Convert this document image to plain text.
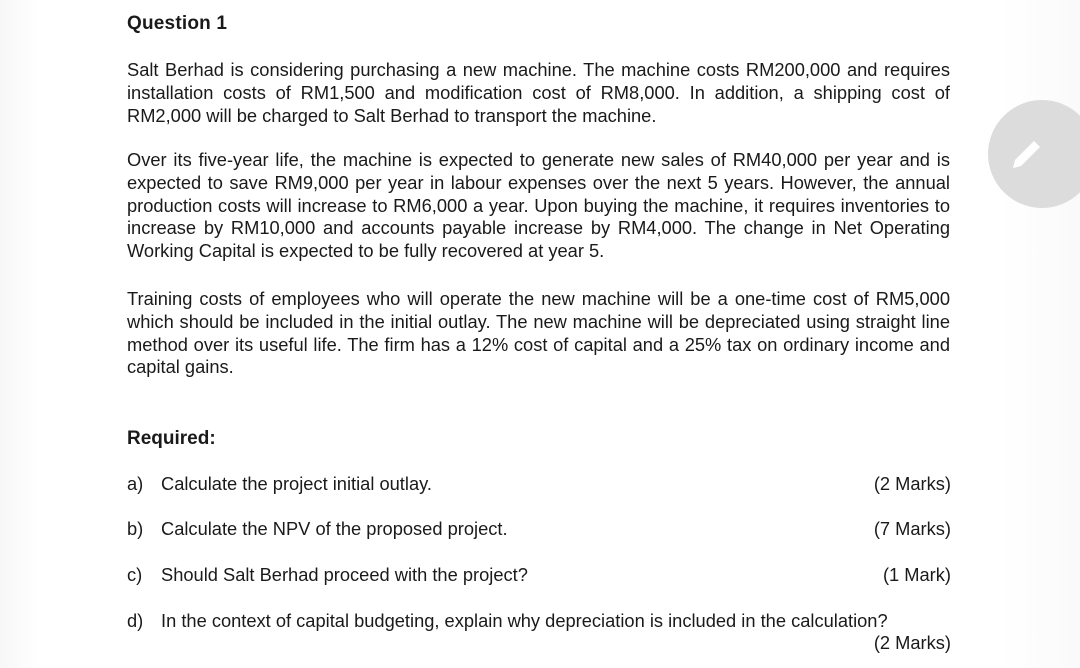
Question 1

Salt Berhad is considering purchasing a new machine. The machine costs RM200,000 and requires installation costs of RM1,500 and modification cost of RM8,000. In addition, a shipping cost of RM2,000 will be charged to Salt Berhad to transport the machine.

Over its five-year life, the machine is expected to generate new sales of RM40,000 per year and is expected to save RM9,000 per year in labour expenses over the next 5 years. However, the annual production costs will increase to RM6,000 a year. Upon buying the machine, it requires inventories to increase by RM10,000 and accounts payable increase by RM4,000. The change in Net Operating Working Capital is expected to be fully recovered at year 5.

Training costs of employees who will operate the new machine will be a one-time cost of RM5,000 which should be included in the initial outlay. The new machine will be depreciated using straight line method over its useful life. The firm has a 12% cost of capital and a 25% tax on ordinary income and capital gains.

Required:
a) Calculate the project initial outlay.	(2 Marks)
b) Calculate the NPV of the proposed project.	(7 Marks)
c) Should Salt Berhad proceed with the project?	(1 Mark)
d) In the context of capital budgeting, explain why depreciation is included in the calculation?
(2 Marks)
